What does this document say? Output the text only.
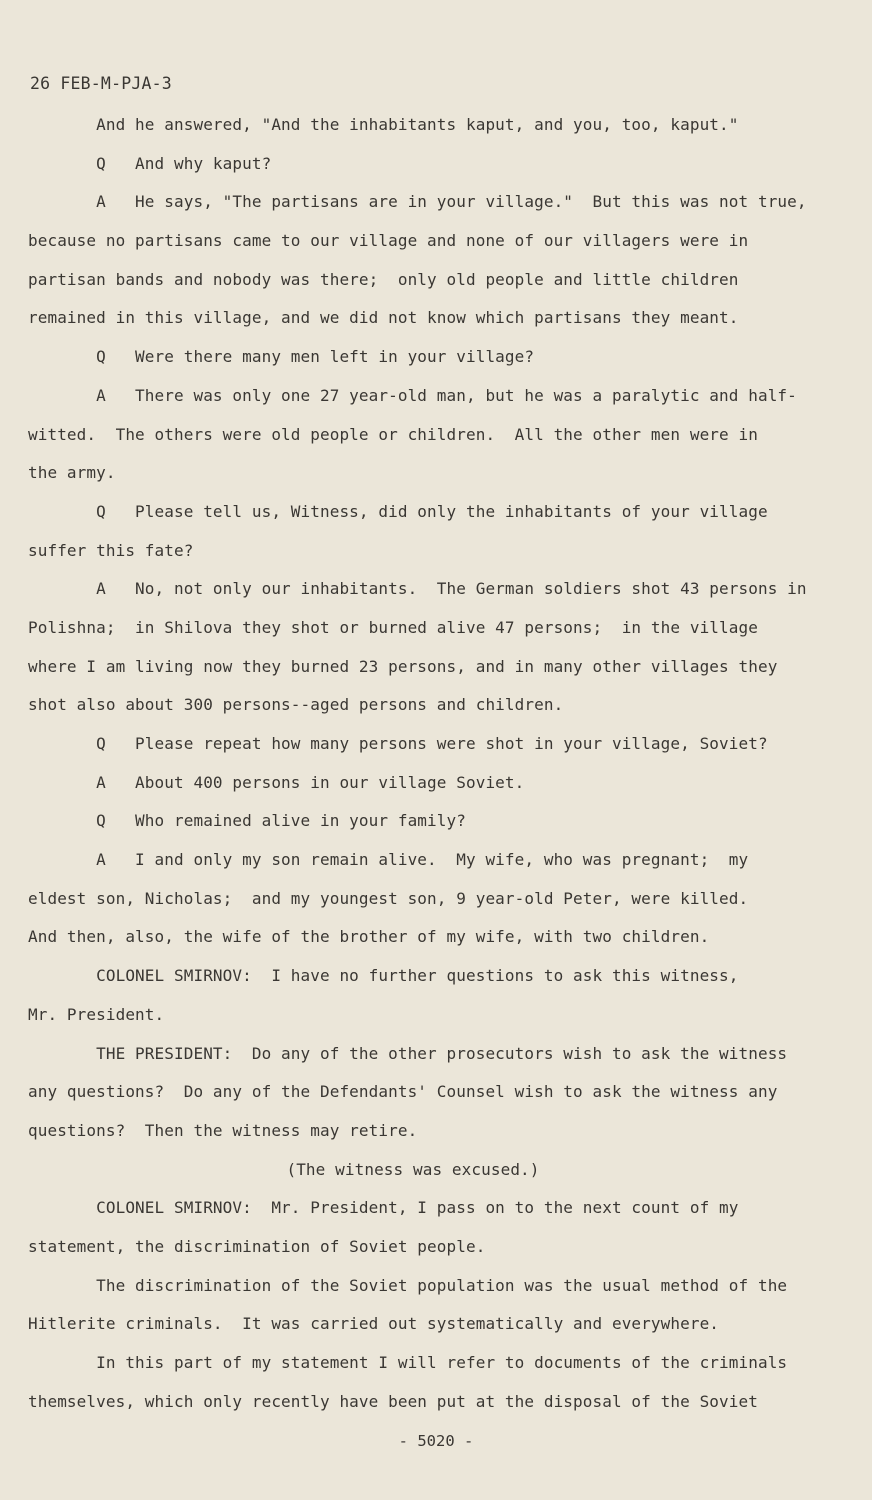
26 FEB-M-PJA-3
And he answered, "And the inhabitants kaput, and you, too, kaput."
Q   And why kaput?
A   He says, "The partisans are in your village."  But this was not true,
because no partisans came to our village and none of our villagers were in
partisan bands and nobody was there;  only old people and little children
remained in this village, and we did not know which partisans they meant.
Q   Were there many men left in your village?
A   There was only one 27 year-old man, but he was a paralytic and half-
witted.  The others were old people or children.  All the other men were in
the army.
Q   Please tell us, Witness, did only the inhabitants of your village
suffer this fate?
A   No, not only our inhabitants.  The German soldiers shot 43 persons in
Polishna;  in Shilova they shot or burned alive 47 persons;  in the village
where I am living now they burned 23 persons, and in many other villages they
shot also about 300 persons--aged persons and children.
Q   Please repeat how many persons were shot in your village, Soviet?
A   About 400 persons in our village Soviet.
Q   Who remained alive in your family?
A   I and only my son remain alive.  My wife, who was pregnant;  my
eldest son, Nicholas;  and my youngest son, 9 year-old Peter, were killed.
And then, also, the wife of the brother of my wife, with two children.
COLONEL SMIRNOV:  I have no further questions to ask this witness,
Mr. President.
THE PRESIDENT:  Do any of the other prosecutors wish to ask the witness
any questions?  Do any of the Defendants' Counsel wish to ask the witness any
questions?  Then the witness may retire.
(The witness was excused.)
COLONEL SMIRNOV:  Mr. President, I pass on to the next count of my
statement, the discrimination of Soviet people.
The discrimination of the Soviet population was the usual method of the
Hitlerite criminals.  It was carried out systematically and everywhere.
In this part of my statement I will refer to documents of the criminals
themselves, which only recently have been put at the disposal of the Soviet
- 5020 -
